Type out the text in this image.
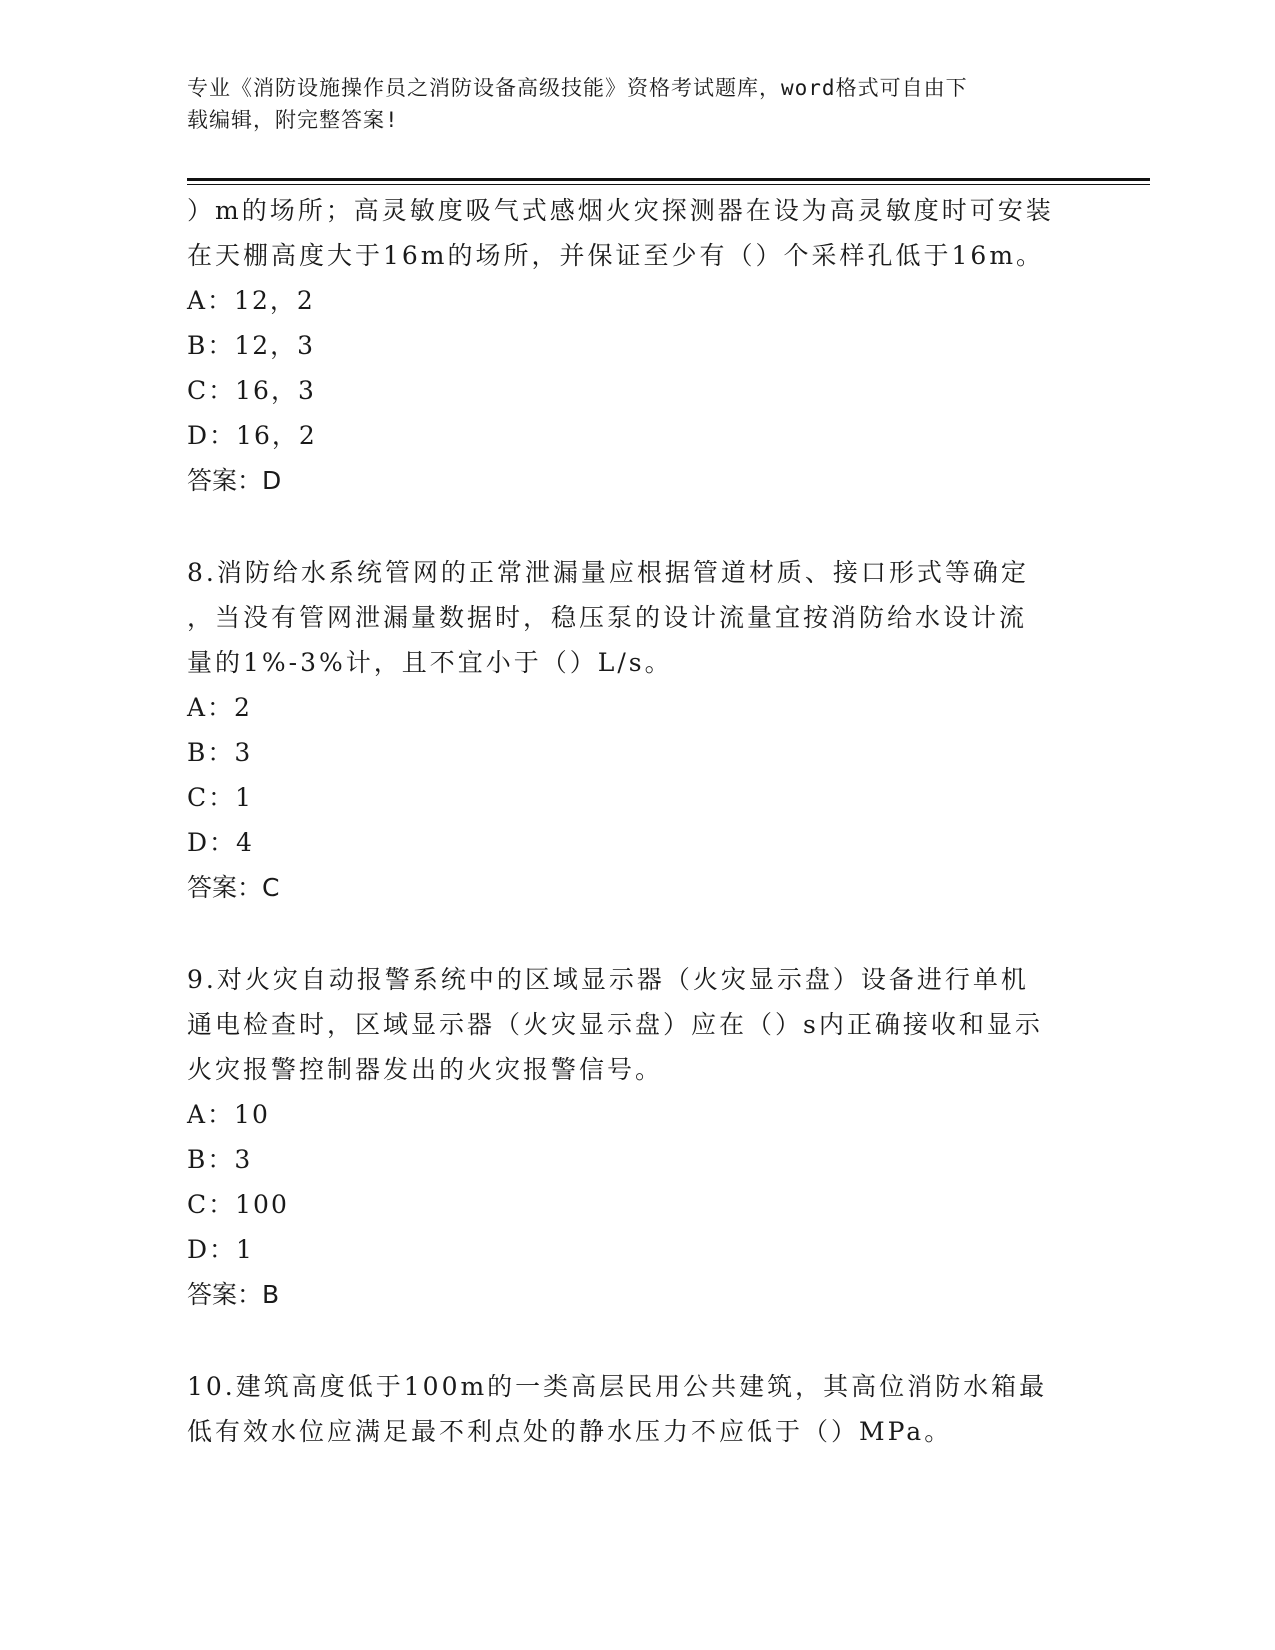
专业《消防设施操作员之消防设备高级技能》资格考试题库，word格式可自由下
载编辑，附完整答案!

）m的场所；高灵敏度吸气式感烟火灾探测器在设为高灵敏度时可安装

在天棚高度大于16m的场所，并保证至少有（）个采样孔低于16m。

A：12，2

B：12，3

C：16，3

D：16，2

答案：D

8.消防给水系统管网的正常泄漏量应根据管道材质、接口形式等确定

，当没有管网泄漏量数据时，稳压泵的设计流量宜按消防给水设计流

量的1%-3%计，且不宜小于（）L/s。

A：2

B：3

C：1

D：4

答案：C

9.对火灾自动报警系统中的区域显示器（火灾显示盘）设备进行单机

通电检查时，区域显示器（火灾显示盘）应在（）s内正确接收和显示

火灾报警控制器发出的火灾报警信号。

A：10

B：3

C：100

D：1

答案：B

10.建筑高度低于100m的一类高层民用公共建筑，其高位消防水箱最

低有效水位应满足最不利点处的静水压力不应低于（）MPa。
